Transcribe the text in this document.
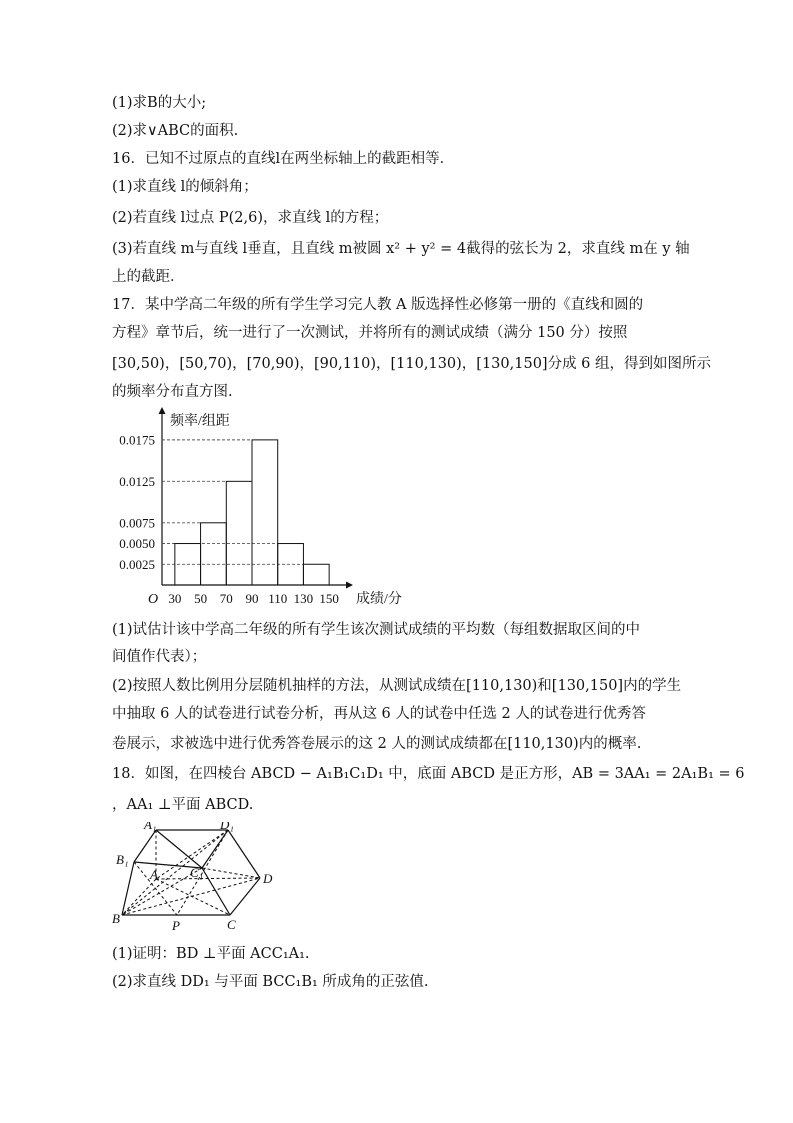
(1)求B的大小;
(2)求∨ABC的面积.
16．已知不过原点的直线l在两坐标轴上的截距相等．
(1)求直线 l的倾斜角；
(2)若直线 l过点 P(2,6)，求直线 l的方程；
(3)若直线 m与直线 l垂直，且直线 m被圆 x² + y² = 4截得的弦长为 2，求直线 m在 y 轴
上的截距．
17．某中学高二年级的所有学生学习完人教 A 版选择性必修第一册的《直线和圆的
方程》章节后，统一进行了一次测试，并将所有的测试成绩（满分 150 分）按照
[30,50)，[50,70)，[70,90)，[90,110)，[110,130)，[130,150]分成 6 组，得到如图所示
的频率分布直方图.
0.0175
0.0125
0.0075
0.0050
0.0025
30 50 70 90 110 130 150
O
频率/组距
成绩/分
(1)试估计该中学高二年级的所有学生该次测试成绩的平均数（每组数据取区间的中
间值作代表）；
(2)按照人数比例用分层随机抽样的方法，从测试成绩在[110,130)和[130,150]内的学生
中抽取 6 人的试卷进行试卷分析，再从这 6 人的试卷中任选 2 人的试卷进行优秀答
卷展示，求被选中进行优秀答卷展示的这 2 人的测试成绩都在[110,130)内的概率.
18．如图，在四棱台 ABCD − A₁B₁C₁D₁ 中，底面 ABCD 是正方形，AB = 3AA₁ = 2A₁B₁ = 6
，AA₁ ⊥平面 ABCD.
A₁	D₁
B₁
A C₁	D
B	P	C
(1)证明：BD ⊥平面 ACC₁A₁.
(2)求直线 DD₁ 与平面 BCC₁B₁ 所成角的正弦值.
